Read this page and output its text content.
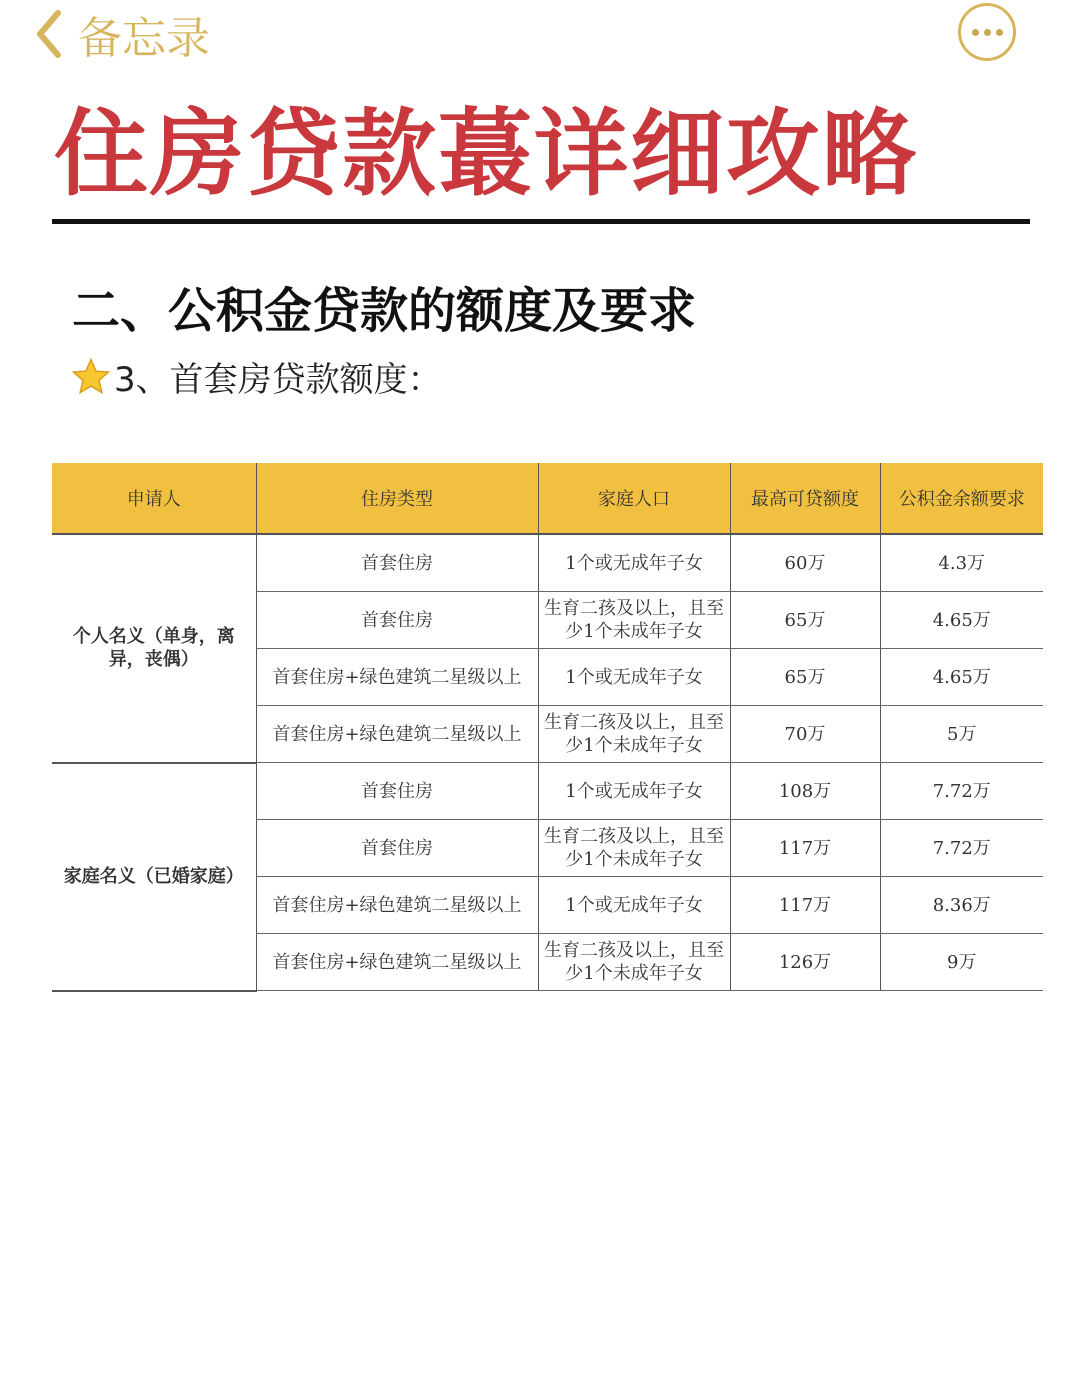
备忘录
住房贷款蕞详细攻略
二、公积金贷款的额度及要求
3、首套房贷款额度：
申请人	住房类型	家庭人口	最高可贷额度	公积金余额要求
个人名义（单身，离异，丧偶）	首套住房	1个或无成年子女	60万	4.3万
	首套住房	生育二孩及以上，且至少1个未成年子女	65万	4.65万
	首套住房+绿色建筑二星级以上	1个或无成年子女	65万	4.65万
	首套住房+绿色建筑二星级以上	生育二孩及以上，且至少1个未成年子女	70万	5万
家庭名义（已婚家庭）	首套住房	1个或无成年子女	108万	7.72万
	首套住房	生育二孩及以上，且至少1个未成年子女	117万	7.72万
	首套住房+绿色建筑二星级以上	1个或无成年子女	117万	8.36万
	首套住房+绿色建筑二星级以上	生育二孩及以上，且至少1个未成年子女	126万	9万
